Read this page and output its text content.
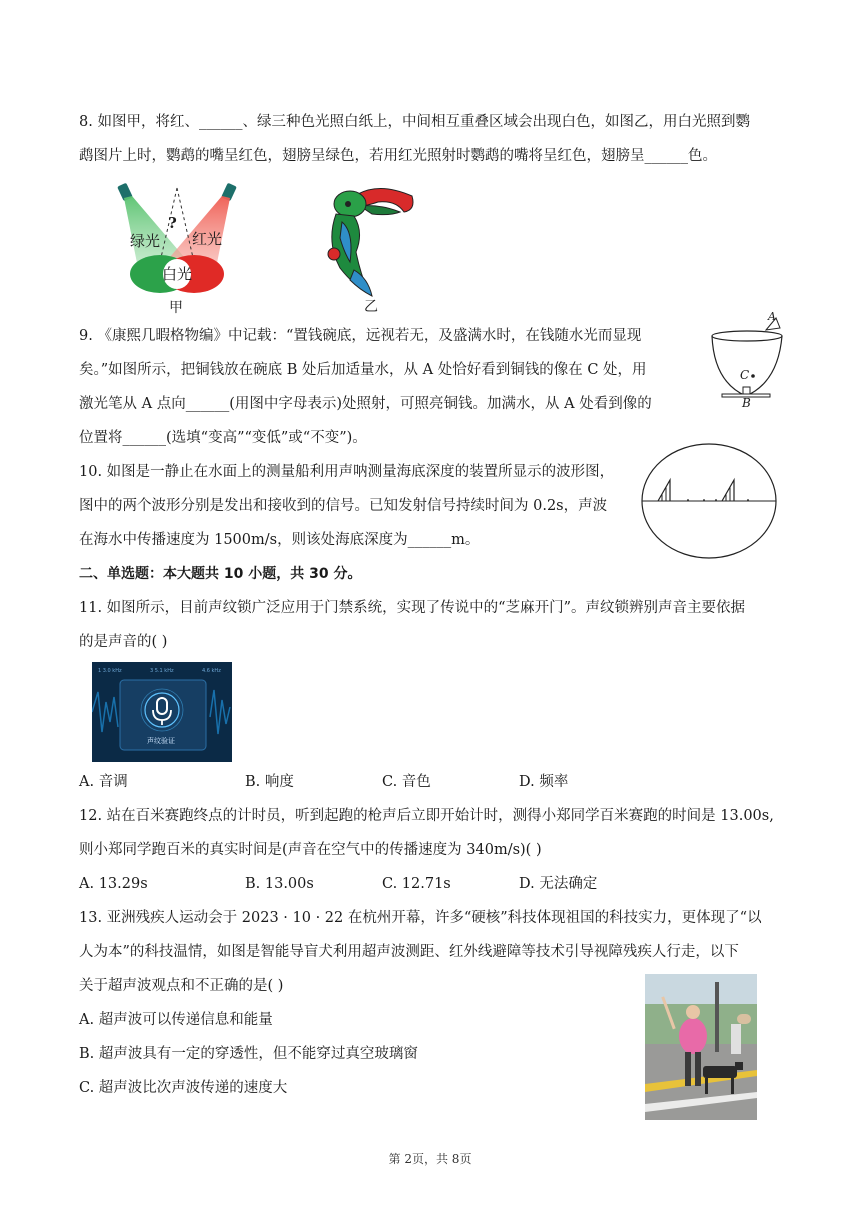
8. 如图甲，将红、______、绿三种色光照白纸上，中间相互重叠区域会出现白色，如图乙，用白光照到鹦
鹉图片上时，鹦鹉的嘴呈红色，翅膀呈绿色，若用红光照射时鹦鹉的嘴将呈红色，翅膀呈______色。
?
绿光 红光
白光
甲	乙
9. 《康熙几暇格物编》中记载：“置钱碗底，远视若无，及盛满水时，在钱随水光而显现
矣。”如图所示，把铜钱放在碗底 B 处后加适量水，从 A 处恰好看到铜钱的像在 C 处，用
激光笔从 A 点向______(用图中字母表示)处照射，可照亮铜钱。加满水，从 A 处看到像的
位置将______(选填“变高”“变低”或“不变”)。
A
C
B
10. 如图是一静止在水面上的测量船利用声呐测量海底深度的装置所显示的波形图，
图中的两个波形分别是发出和接收到的信号。已知发射信号持续时间为 0.2s，声波
在海水中传播速度为 1500m/s，则该处海底深度为______m。
二、单选题：本大题共 10 小题，共 30 分。
11. 如图所示，目前声纹锁广泛应用于门禁系统，实现了传说中的“芝麻开门”。声纹锁辨别声音主要依据
的是声音的( )
1 3.0 kHz	3 5.1 kHz	4.6 kHz
声纹验证
A. 音调	B. 响度	C. 音色	D. 频率
12. 站在百米赛跑终点的计时员，听到起跑的枪声后立即开始计时，测得小郑同学百米赛跑的时间是 13.00s,
则小郑同学跑百米的真实时间是(声音在空气中的传播速度为 340m/s)( )
A. 13.29s	B. 13.00s	C. 12.71s	D. 无法确定
13. 亚洲残疾人运动会于 2023 · 10 · 22 在杭州开幕，许多“硬核”科技体现祖国的科技实力，更体现了“以
人为本”的科技温情，如图是智能导盲犬利用超声波测距、红外线避障等技术引导视障残疾人行走，以下
关于超声波观点和不正确的是( )
A. 超声波可以传递信息和能量
B. 超声波具有一定的穿透性，但不能穿过真空玻璃窗
C. 超声波比次声波传递的速度大
第 2页，共 8页
